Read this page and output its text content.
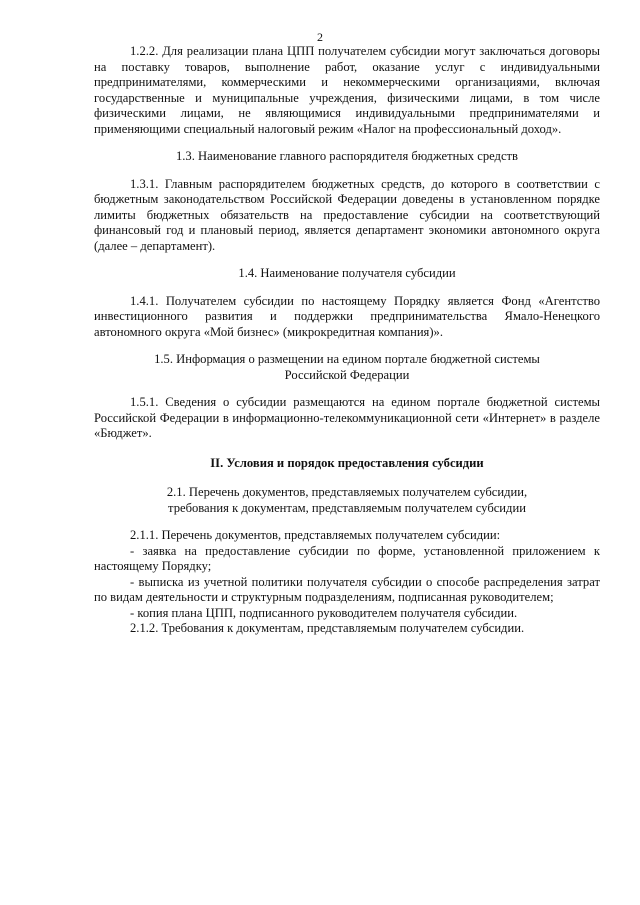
2

1.2.2. Для реализации плана ЦПП получателем субсидии могут заключаться договоры на поставку товаров, выполнение работ, оказание услуг с индивидуальными предпринимателями, коммерческими и некоммерческими организациями, включая государственные и муниципальные учреждения, физическими лицами, в том числе физическими лицами, не являющимися индивидуальными предпринимателями и применяющими специальный налоговый режим «Налог на профессиональный доход».

1.3. Наименование главного распорядителя бюджетных средств

1.3.1. Главным распорядителем бюджетных средств, до которого в соответствии с бюджетным законодательством Российской Федерации доведены в установленном порядке лимиты бюджетных обязательств на предоставление субсидии на соответствующий финансовый год и плановый период, является департамент экономики автономного округа (далее – департамент).

1.4. Наименование получателя субсидии

1.4.1. Получателем субсидии по настоящему Порядку является Фонд «Агентство инвестиционного развития и поддержки предпринимательства Ямало-Ненецкого автономного округа «Мой бизнес» (микрокредитная компания)».

1.5. Информация о размещении на едином портале бюджетной системы
Российской Федерации

1.5.1. Сведения о субсидии размещаются на едином портале бюджетной системы Российской Федерации в информационно-телекоммуникационной сети «Интернет» в разделе «Бюджет».

II. Условия и порядок предоставления субсидии

2.1. Перечень документов, представляемых получателем субсидии,
требования к документам, представляемым получателем субсидии

2.1.1. Перечень документов, представляемых получателем субсидии:

- заявка на предоставление субсидии по форме, установленной приложением к настоящему Порядку;

- выписка из учетной политики получателя субсидии о способе распределения затрат по видам деятельности и структурным подразделениям, подписанная руководителем;

- копия плана ЦПП, подписанного руководителем получателя субсидии.

2.1.2. Требования к документам, представляемым получателем субсидии.
